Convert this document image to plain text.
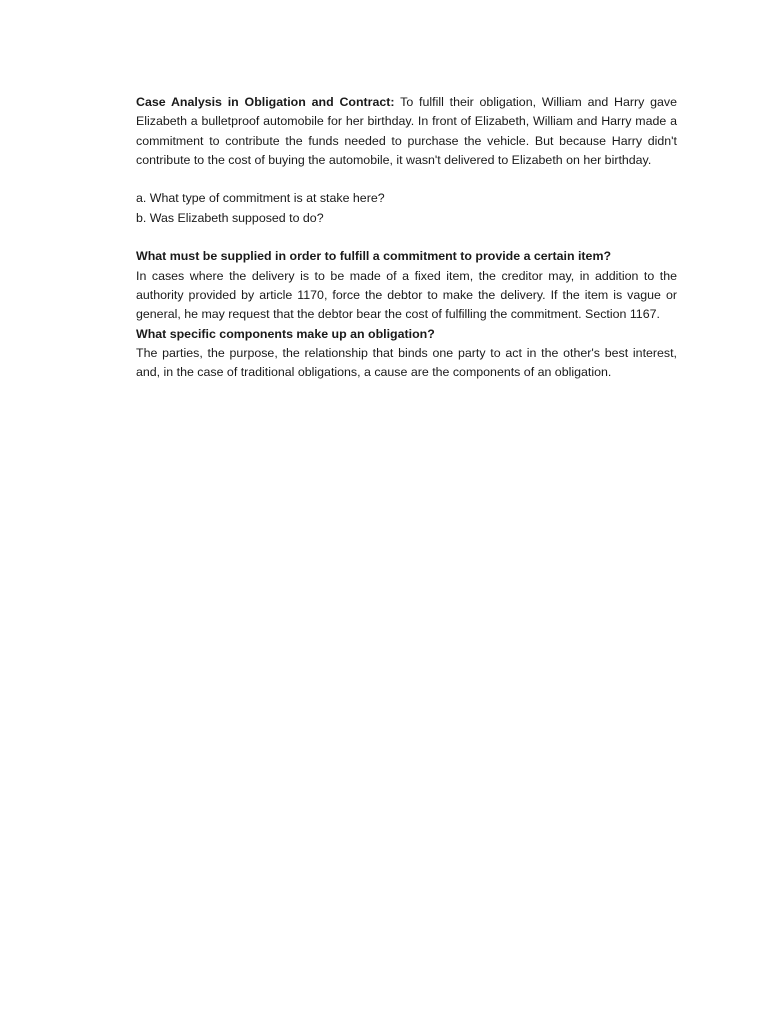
Case Analysis in Obligation and Contract: To fulfill their obligation, William and Harry gave Elizabeth a bulletproof automobile for her birthday. In front of Elizabeth, William and Harry made a commitment to contribute the funds needed to purchase the vehicle. But because Harry didn't contribute to the cost of buying the automobile, it wasn't delivered to Elizabeth on her birthday.

a. What type of commitment is at stake here?
b. Was Elizabeth supposed to do?

What must be supplied in order to fulfill a commitment to provide a certain item?

In cases where the delivery is to be made of a fixed item, the creditor may, in addition to the authority provided by article 1170, force the debtor to make the delivery. If the item is vague or general, he may request that the debtor bear the cost of fulfilling the commitment. Section 1167.

What specific components make up an obligation?

The parties, the purpose, the relationship that binds one party to act in the other's best interest, and, in the case of traditional obligations, a cause are the components of an obligation.
